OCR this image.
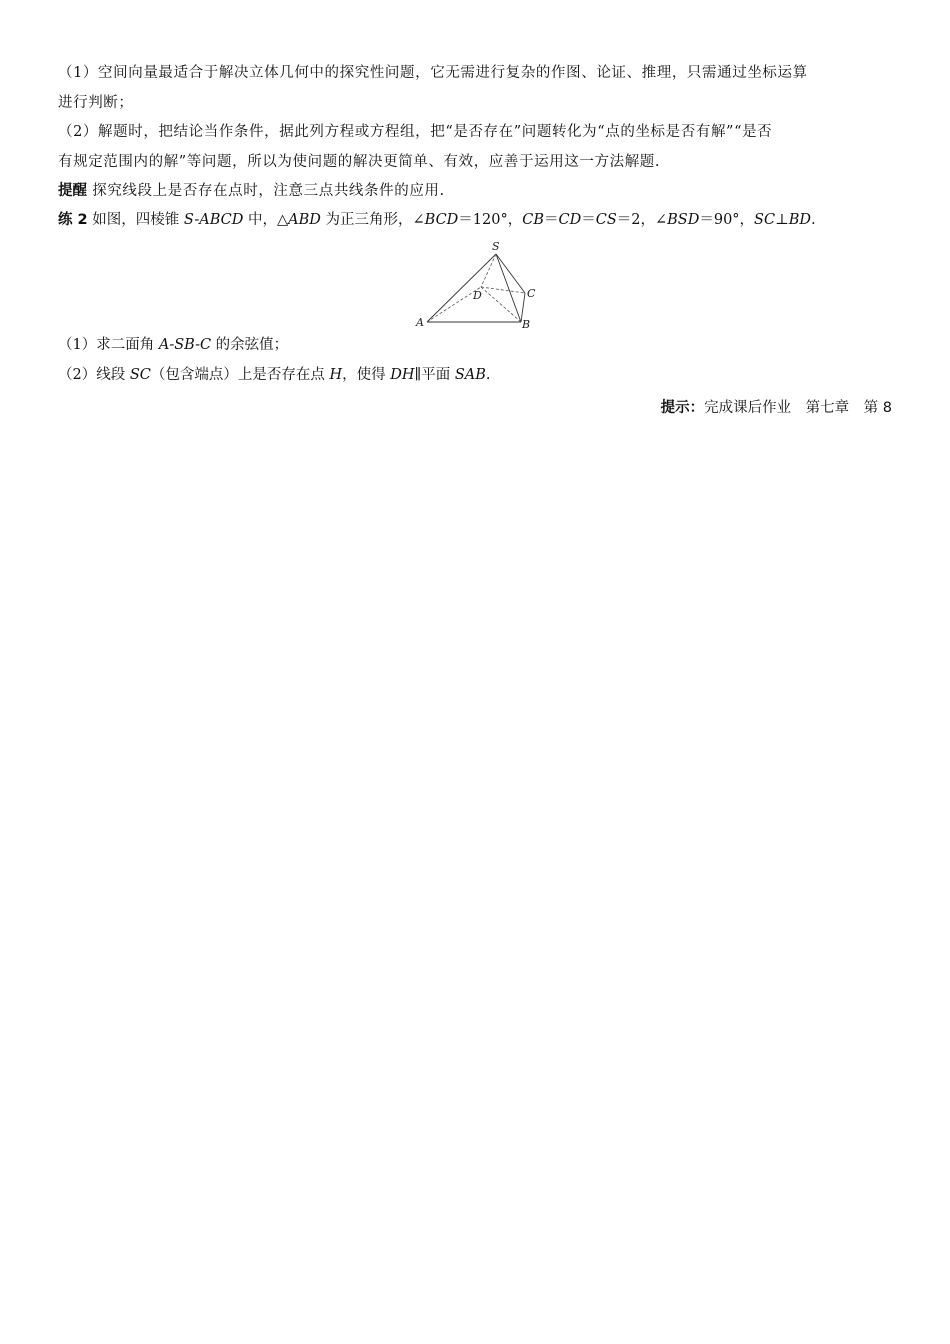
（1）空间向量最适合于解决立体几何中的探究性问题，它无需进行复杂的作图、论证、推理，只需通过坐标运算
进行判断；
（2）解题时，把结论当作条件，据此列方程或方程组，把“是否存在”问题转化为“点的坐标是否有解”“是否
有规定范围内的解”等问题，所以为使问题的解决更简单、有效，应善于运用这一方法解题.
提醒 探究线段上是否存在点时，注意三点共线条件的应用.
练 2 如图，四棱锥 S-ABCD 中，△ABD 为正三角形，∠BCD＝120°，CB＝CD＝CS＝2，∠BSD＝90°，SC⊥BD.
S
D	C
A	B
（1）求二面角 A-SB-C 的余弦值；
（2）线段 SC（包含端点）上是否存在点 H，使得 DH∥平面 SAB.
提示：完成课后作业　第七章　第 8
